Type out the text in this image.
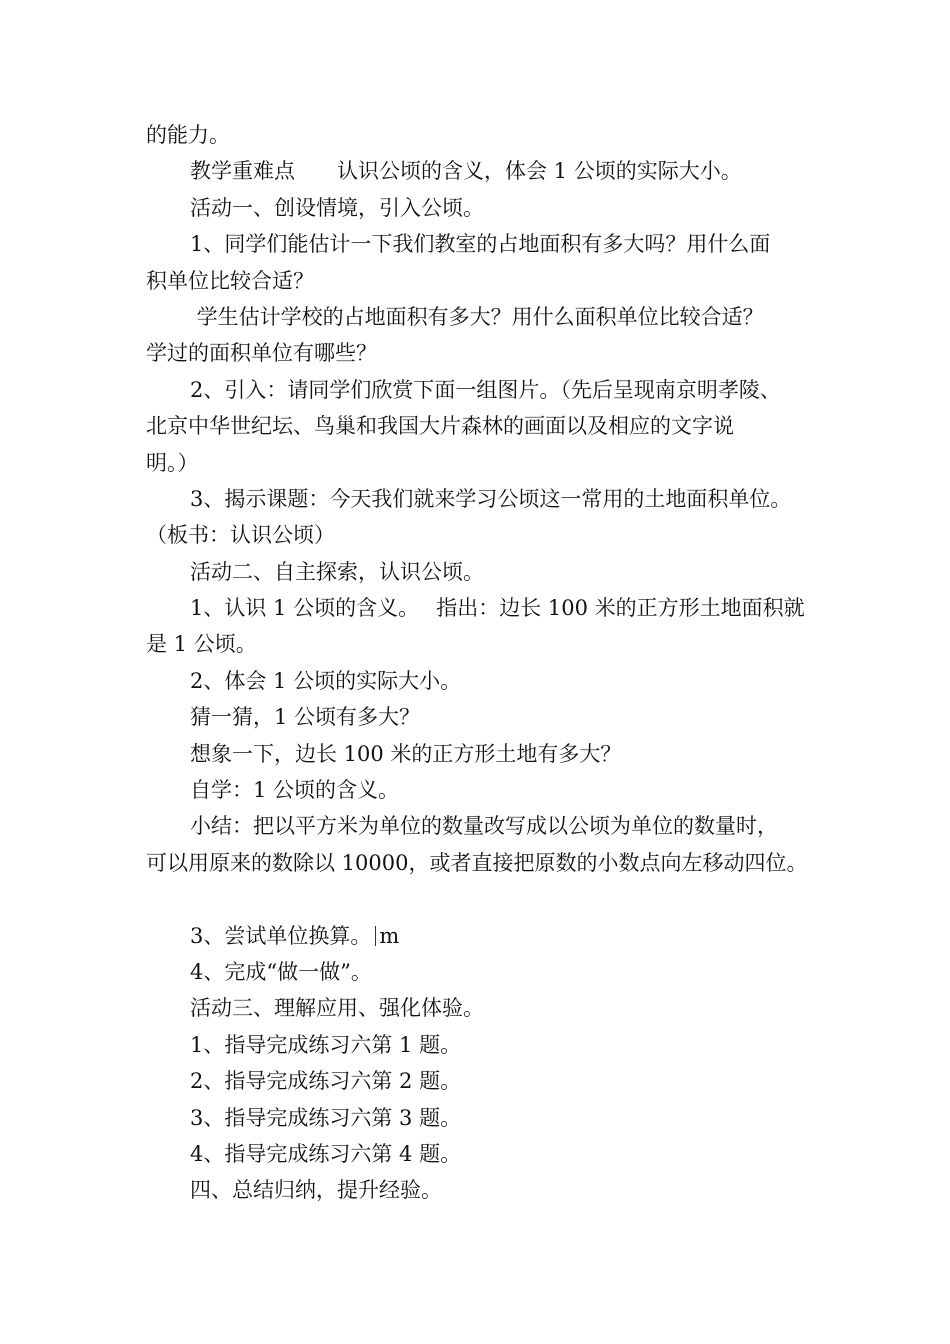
的能力。
教学重难点　　认识公顷的含义，体会 1 公顷的实际大小。
活动一、创设情境，引入公顷。
1、同学们能估计一下我们教室的占地面积有多大吗？用什么面
积单位比较合适？
学生估计学校的占地面积有多大？用什么面积单位比较合适？
学过的面积单位有哪些？
2、引入：请同学们欣赏下面一组图片。（先后呈现南京明孝陵、
北京中华世纪坛、鸟巢和我国大片森林的画面以及相应的文字说
明。）
3、揭示课题：今天我们就来学习公顷这一常用的土地面积单位。
（板书：认识公顷）
活动二、自主探索，认识公顷。
1、认识 1 公顷的含义。　 指出：边长 100 米的正方形土地面积就
是 1 公顷。
2、体会 1 公顷的实际大小。
猜一猜，1 公顷有多大？
想象一下，边长 100 米的正方形土地有多大？
自学：1 公顷的含义。
小结：把以平方米为单位的数量改写成以公顷为单位的数量时，
可以用原来的数除以 10000，或者直接把原数的小数点向左移动四位。
3、尝试单位换算。 m
4、完成“做一做”。
活动三、理解应用、强化体验。
1、指导完成练习六第 1 题。
2、指导完成练习六第 2 题。
3、指导完成练习六第 3 题。
4、指导完成练习六第 4 题。
四、总结归纳，提升经验。
